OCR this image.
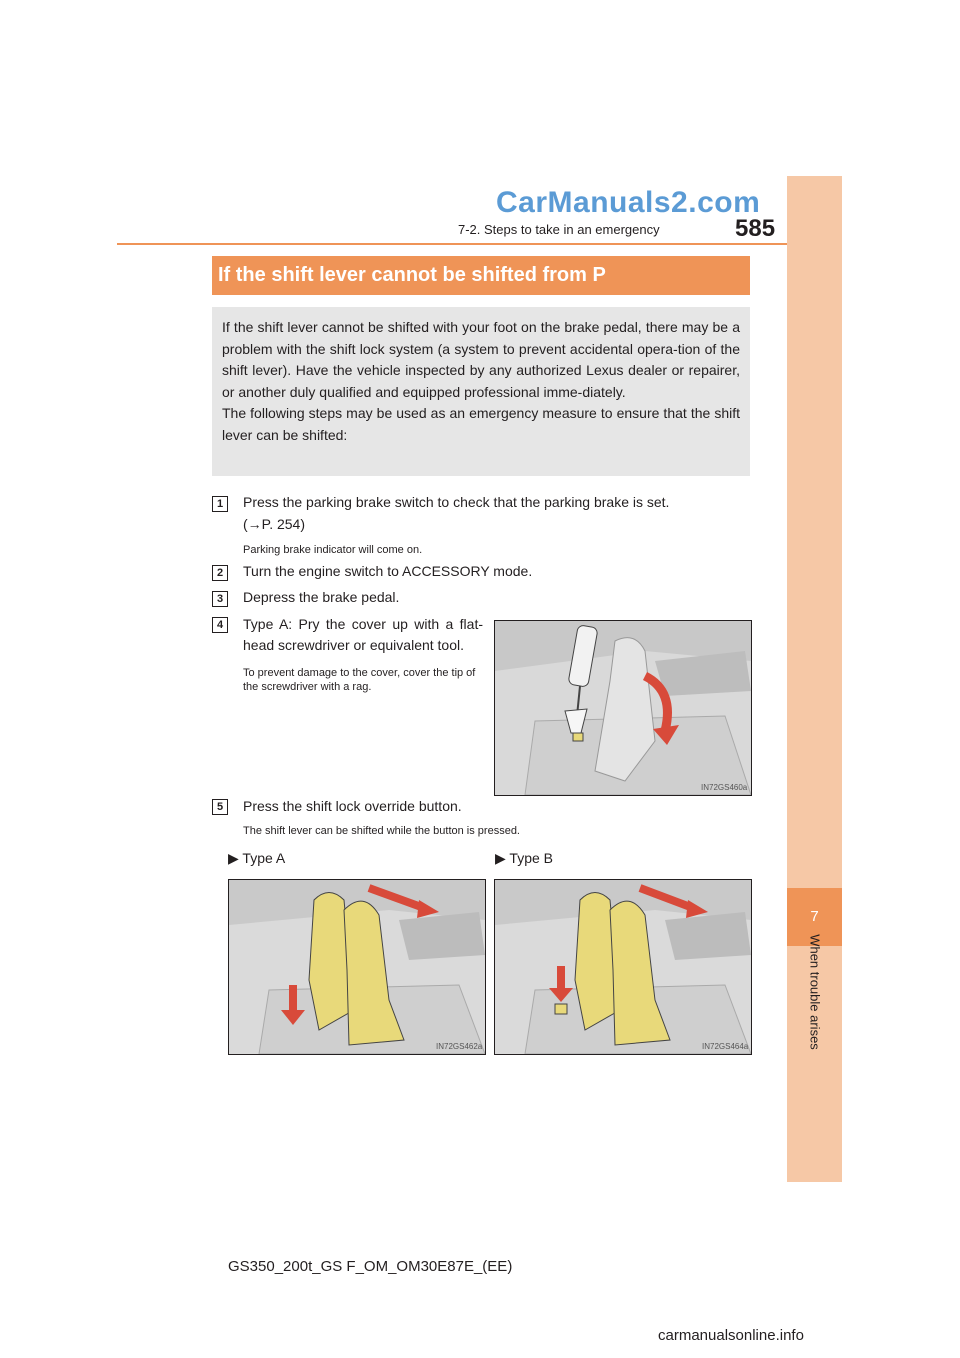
7
When trouble arises
CarManuals2.com
7-2. Steps to take in an emergency	585
If the shift lever cannot be shifted from P

If the shift lever cannot be shifted with your foot on the brake pedal, there may be a problem with the shift lock system (a system to prevent accidental opera-tion of the shift lever). Have the vehicle inspected by any authorized Lexus dealer or repairer, or another duly qualified and equipped professional imme-diately.
The following steps may be used as an emergency measure to ensure that the shift lever can be shifted:

1	Press the parking brake switch to check that the parking brake is set.
(→P. 254)
Parking brake indicator will come on.
2	Turn the engine switch to ACCESSORY mode.
3	Depress the brake pedal.
4	Type A: Pry the cover up with a flat-head screwdriver or equivalent tool.
To prevent damage to the cover, cover the tip of the screwdriver with a rag.
IN72GS460a
5	Press the shift lock override button.
The shift lever can be shifted while the button is pressed.
▶ Type A	▶ Type B
IN72GS462a	IN72GS464a
GS350_200t_GS F_OM_OM30E87E_(EE)
carmanualsonline.info
